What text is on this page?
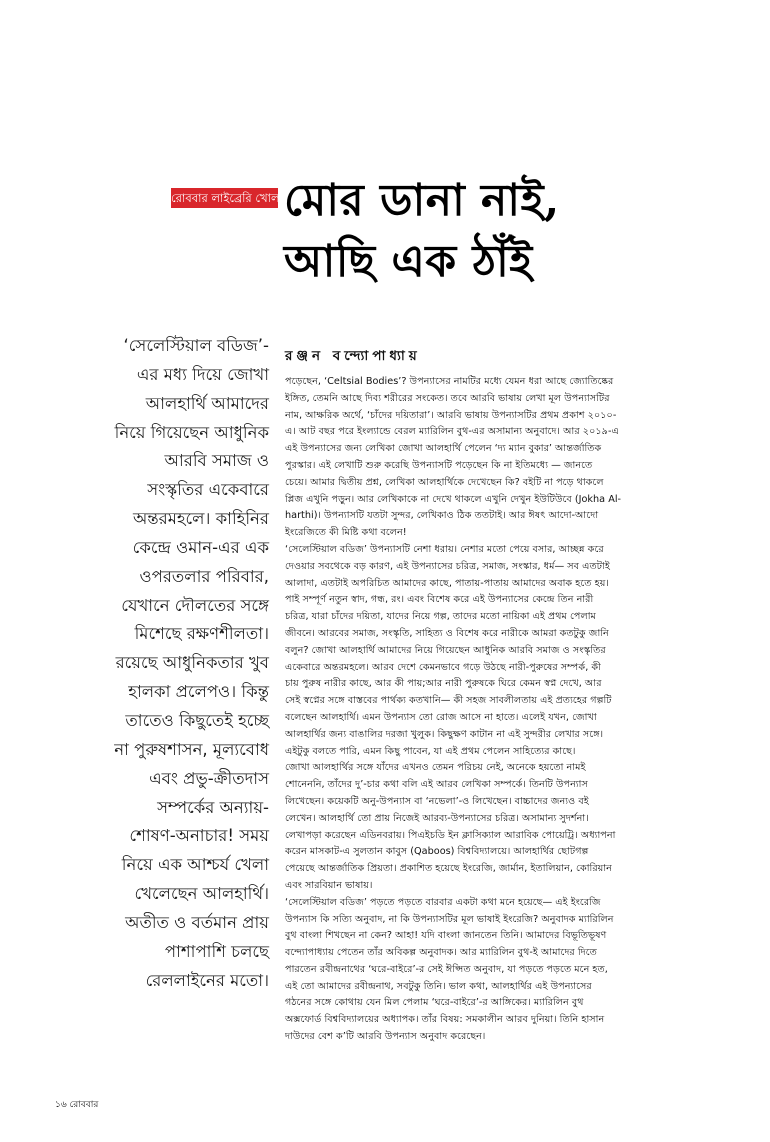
রোববার লাইব্রেরি খোলা মোর ডানা নাই,
আছি এক ঠাঁই
‘সেলেস্টিয়াল বডিজ’-
এর মধ্য দিয়ে জোখা
আলহার্থি আমাদের
নিয়ে গিয়েছেন আধুনিক
আরবি সমাজ ও
সংস্কৃতির একেবারে
অন্তরমহলে। কাহিনির
কেন্দ্রে ওমান-এর এক
ওপরতলার পরিবার,
যেখানে দৌলতের সঙ্গে
মিশেছে রক্ষণশীলতা।
রয়েছে আধুনিকতার খুব
হালকা প্রলেপও। কিন্তু
তাতেও কিছুতেই হচ্ছে
না পুরুষশাসন, মূল্যবোধ
এবং প্রভু-ক্রীতদাস
সম্পর্কের অন্যায়-
শোষণ-অনাচার! সময়
নিয়ে এক আশ্চর্য খেলা
খেলেছেন আলহার্থি।
অতীত ও বর্তমান প্রায়
পাশাপাশি চলছে
রেললাইনের মতো।
রঞ্জন বন্দ্যোপাধ্যায়
পড়েছেন, ‘Celtsial Bodies’? উপন্যাসের নামটির মধ্যে যেমন ধরা আছে জ্যোতিষ্কের
ইঙ্গিত, তেমনি আছে দিব্য শরীরের সংকেত। তবে আরবি ভাষায় লেখা মূল উপন্যাসটির
নাম, আক্ষরিক অর্থে, ‘চাঁদের দয়িতারা’। আরবি ভাষায় উপন্যাসটির প্রথম প্রকাশ ২০১০-
এ। আট বছর পরে ইংল্যান্ডে বেরল ম্যারিলিন বুথ-এর অসামান্য অনুবাদে। আর ২০১৯-এ
এই উপন্যাসের জন্য লেখিকা জোখা আলহার্থি পেলেন ‘দ্য ম্যান বুকার’ আন্তর্জাতিক
পুরস্কার। এই লেখাটি শুরু করেছি উপন্যাসটি পড়েছেন কি না ইতিমধ্যে — জানতে
চেয়ে। আমার দ্বিতীয় প্রশ্ন, লেখিকা আলহার্থিকে দেখেছেন কি? বইটি না পড়ে থাকলে
প্লিজ এখুনি পড়ুন। আর লেখিকাকে না দেখে থাকলে এখুনি দেখুন ইউটিউবে (Jokha Al-
harthi)। উপন্যাসটি যতটা সুন্দর, লেখিকাও ঠিক ততটাই। আর ঈষৎ আদো-আদো
ইংরেজিতে কী মিষ্টি কথা বলেন!
‘সেলেস্টিয়াল বডিজ’ উপন্যাসটি নেশা ধরায়। নেশার মতো পেয়ে বসার, আচ্ছন্ন করে
দেওয়ার সবথেকে বড় কারণ, এই উপন্যাসের চরিত্র, সমাজ, সংস্কার, ধর্ম— সব এতটাই
আলাদা, এতটাই অপরিচিত আমাদের কাছে, পাতায়-পাতায় আমাদের অবাক হতে হয়।
পাই সম্পূর্ণ নতুন স্বাদ, গন্ধ, রং। এবং বিশেষ করে এই উপন্যাসের কেন্দ্রে তিন নারী
চরিত্র, যারা চাঁদের দয়িতা, যাদের নিয়ে গল্প, তাদের মতো নায়িকা এই প্রথম পেলাম
জীবনে। আরবের সমাজ, সংস্কৃতি, সাহিত্য ও বিশেষ করে নারীকে আমরা কতটুকু জানি
বলুন? জোখা আলহার্থি আমাদের নিয়ে গিয়েছেন আধুনিক আরবি সমাজ ও সংস্কৃতির
একেবারে অন্তরমহলে। আরব দেশে কেমনভাবে গড়ে উঠছে নারী-পুরুষের সম্পর্ক, কী
চায় পুরুষ নারীর কাছে, আর কী পায়;আর নারী পুরুষকে ঘিরে কেমন স্বপ্ন দেখে, আর
সেই স্বপ্নের সঙ্গে বাস্তবের পার্থক্য কতখানি— কী সহজ সাবলীলতায় এই প্রত্যহের গল্পটি
বলেছেন আলহার্থি। এমন উপন্যাস তো রোজ আসে না হাতে। এলেই যখন, জোখা
আলহার্থির জন্য বাঙালির দরজা খুলুক। কিছুক্ষণ কাটান না এই সুন্দরীর লেখার সঙ্গে।
এইটুকু বলতে পারি, এমন কিছু পাবেন, যা এই প্রথম পেলেন সাহিত্যের কাছে।
জোখা আলহার্থির সঙ্গে যাঁদের এখনও তেমন পরিচয় নেই, অনেকে হয়তো নামই
শোনেননি, তাঁদের দু’-চার কথা বলি এই আরব লেখিকা সম্পর্কে। তিনটি উপন্যাস
লিখেছেন। কয়েকটি অনু-উপন্যাস বা ‘নভেলা’-ও লিখেছেন। বাচ্চাদের জন্যও বই
লেখেন। আলহার্থি তো প্রায় নিজেই আরব্য-উপন্যাসের চরিত্র। অসামান্য সুদর্শনা।
লেখাপড়া করেছেন এডিনবরায়। পিএইচডি ইন ক্লাসিক্যাল আরাবিক পোয়েট্রি। অধ্যাপনা
করেন মাসকাট-এ সুলতান কাবুস (Qaboos) বিশ্ববিদ্যালয়ে। আলহার্থির ছোটগল্প
পেয়েছে আন্তর্জাতিক প্রিয়তা। প্রকাশিত হয়েছে ইংরেজি, জার্মান, ইতালিয়ান, কোরিয়ান
এবং সারবিয়ান ভাষায়।
‘সেলেস্টিয়াল বডিজ’ পড়তে পড়তে বারবার একটা কথা মনে হয়েছে— এই ইংরেজি
উপন্যাস কি সত্যি অনুবাদ, না কি উপন্যাসটির মূল ভাষাই ইংরেজি? অনুবাদক ম্যারিলিন
বুথ বাংলা শিখছেন না কেন? আহা! যদি বাংলা জানতেন তিনি। আমাদের বিভূতিভূষণ
বন্দ্যোপাধ্যায় পেতেন তাঁর অবিকল্প অনুবাদক। আর ম্যারিলিন বুথ-ই আমাদের দিতে
পারতেন রবীন্দ্রনাথের ‘ঘরে-বাইরে’-র সেই ঈপ্সিত অনুবাদ, যা পড়তে পড়তে মনে হত,
এই তো আমাদের রবীন্দ্রনাথ, সবটুকু তিনি। ভাল কথা, আলহার্থির এই উপন্যাসের
গঠনের সঙ্গে কোথায় যেন মিল পেলাম ‘ঘরে-বাইরে’-র আঙ্গিকের। ম্যারিলিন বুথ
অক্সফোর্ড বিশ্ববিদ্যালয়ের অধ্যাপক। তাঁর বিষয়: সমকালীন আরব দুনিয়া। তিনি হাসান
দাউদের বেশ ক’টি আরবি উপন্যাস অনুবাদ করেছেন।
১৬ রোববার
